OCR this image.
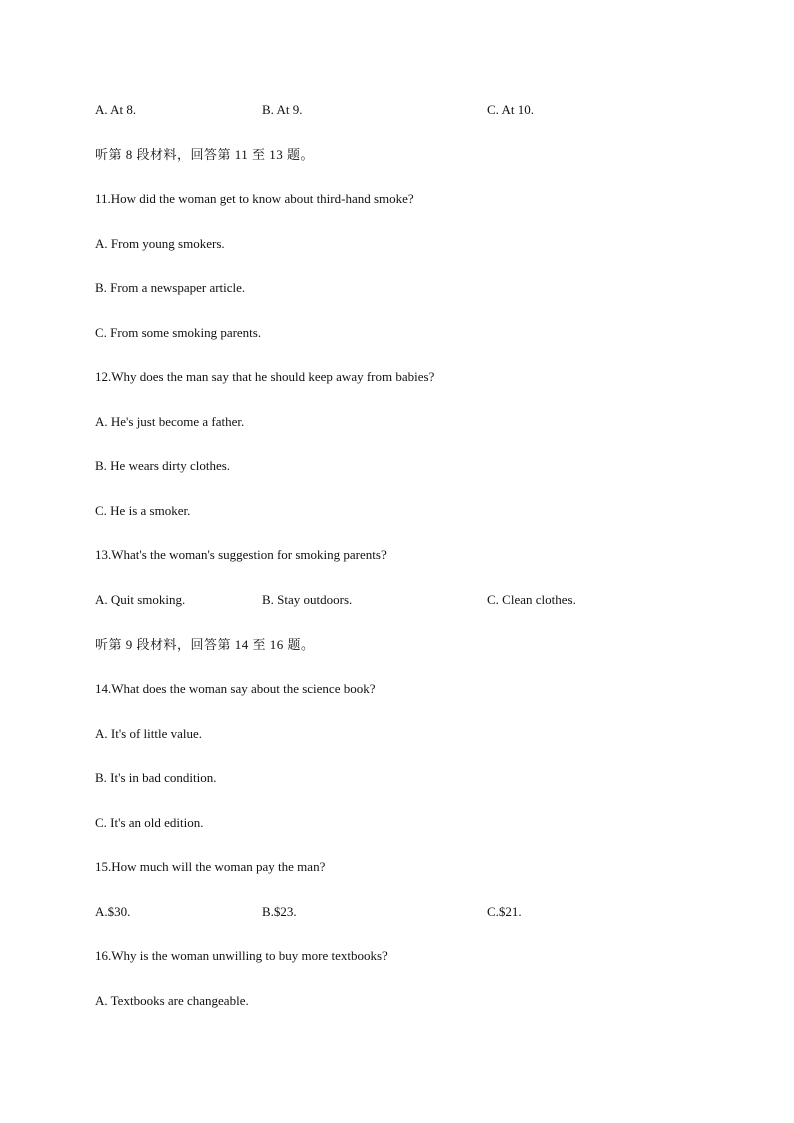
A. At 8.	B. At 9.	C. At 10.
听第 8 段材料，回答第 11 至 13 题。
11.How did the woman get to know about third-hand smoke?
A. From young smokers.
B. From a newspaper article.
C. From some smoking parents.
12.Why does the man say that he should keep away from babies?
A. He's just become a father.
B. He wears dirty clothes.
C. He is a smoker.
13.What's the woman's suggestion for smoking parents?
A. Quit smoking.	B. Stay outdoors.	C. Clean clothes.
听第 9 段材料，回答第 14 至 16 题。
14.What does the woman say about the science book?
A. It's of little value.
B. It's in bad condition.
C. It's an old edition.
15.How much will the woman pay the man?
A.$30.	B.$23.	C.$21.
16.Why is the woman unwilling to buy more textbooks?
A. Textbooks are changeable.
